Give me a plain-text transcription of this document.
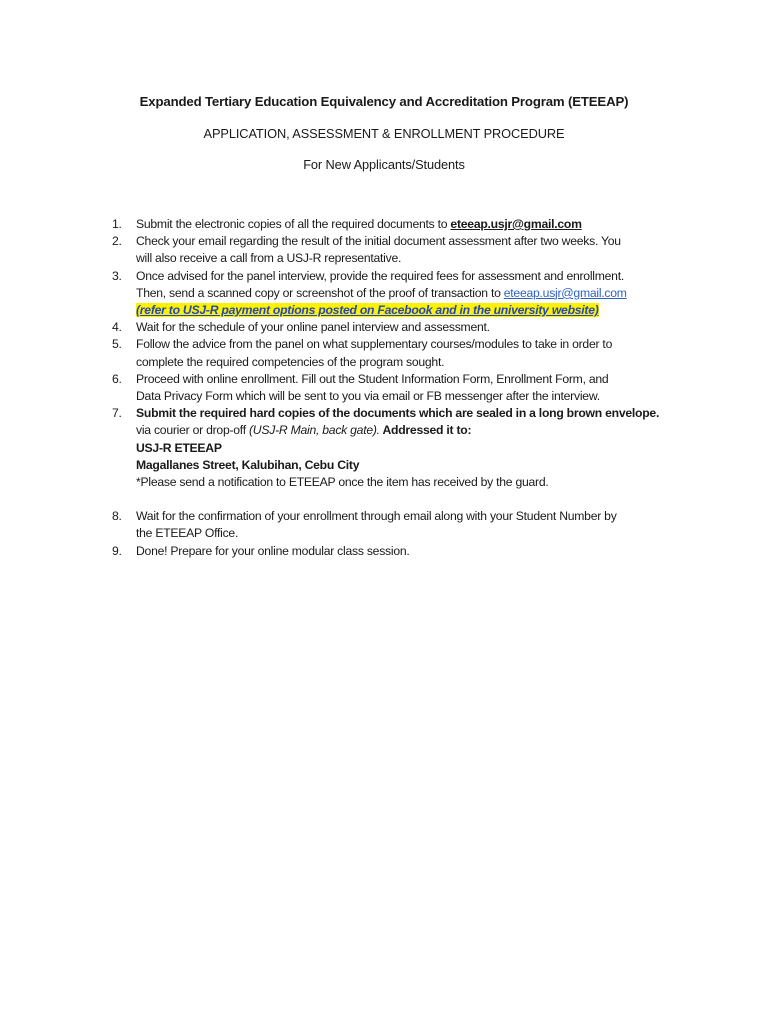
Expanded Tertiary Education Equivalency and Accreditation Program (ETEEAP)
APPLICATION, ASSESSMENT & ENROLLMENT PROCEDURE
For New Applicants/Students
1. Submit the electronic copies of all the required documents to eteeap.usjr@gmail.com
2. Check your email regarding the result of the initial document assessment after two weeks. You
will also receive a call from a USJ-R representative.
3. Once advised for the panel interview, provide the required fees for assessment and enrollment.
Then, send a scanned copy or screenshot of the proof of transaction to eteeap.usjr@gmail.com
(refer to USJ-R payment options posted on Facebook and in the university website)
4. Wait for the schedule of your online panel interview and assessment.
5. Follow the advice from the panel on what supplementary courses/modules to take in order to
complete the required competencies of the program sought.
6. Proceed with online enrollment. Fill out the Student Information Form, Enrollment Form, and
Data Privacy Form which will be sent to you via email or FB messenger after the interview.
7. Submit the required hard copies of the documents which are sealed in a long brown envelope.
via courier or drop-off (USJ-R Main, back gate). Addressed it to:
USJ-R ETEEAP
Magallanes Street, Kalubihan, Cebu City
*Please send a notification to ETEEAP once the item has received by the guard.
8. Wait for the confirmation of your enrollment through email along with your Student Number by
the ETEEAP Office.
9. Done! Prepare for your online modular class session.
